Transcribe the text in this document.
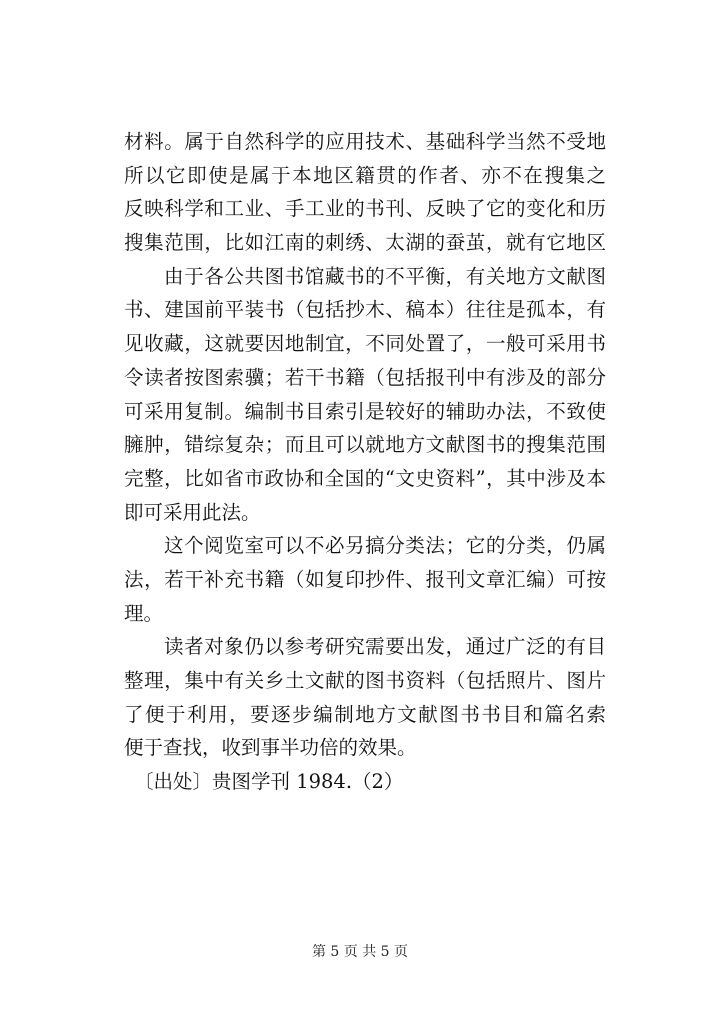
材料。属于自然科学的应用技术、基础科学当然不受地
所以它即使是属于本地区籍贯的作者、亦不在搜集之
反映科学和工业、手工业的书刊、反映了它的变化和历
搜集范围，比如江南的刺绣、太湖的蚕茧，就有它地区
由于各公共图书馆藏书的不平衡，有关地方文献图
书、建国前平装书（包括抄木、稿本）往往是孤本，有
见收藏，这就要因地制宜，不同处置了，一般可采用书
令读者按图索骥；若干书籍（包括报刊中有涉及的部分
可采用复制。编制书目索引是较好的辅助办法，不致使
臃肿，错综复杂；而且可以就地方文献图书的搜集范围
完整，比如省市政协和全国的“文史资料”，其中涉及本
即可采用此法。
这个阅览室可以不必另搞分类法；它的分类，仍属
法，若干补充书籍（如复印抄件、报刊文章汇编）可按
理。
读者对象仍以参考研究需要出发，通过广泛的有目
整理，集中有关乡土文献的图书资料（包括照片、图片
了便于利用，要逐步编制地方文献图书书目和篇名索
便于查找，收到事半功倍的效果。
〔出处〕贵图学刊 1984.（2）
第 5 页 共 5 页
